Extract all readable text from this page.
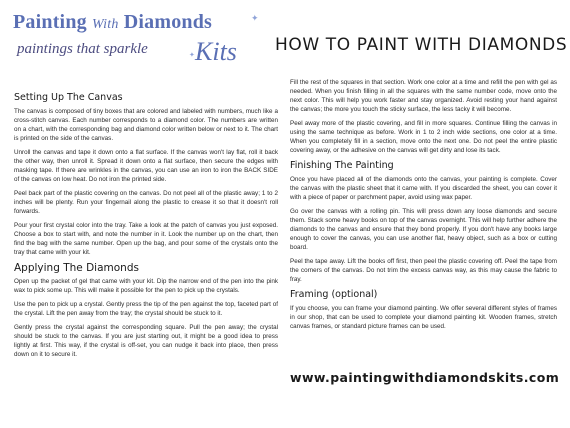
Painting With Diamonds
paintings that sparkle Kits
✦
✦
HOW TO PAINT WITH DIAMONDS
Setting Up The Canvas

The canvas is composed of tiny boxes that are colored and labeled with numbers, much like a cross-stitch canvas. Each number corresponds to a diamond color. The numbers are written on a chart, with the corresponding bag and diamond color written below or next to it. The chart is printed on the side of the canvas.

Unroll the canvas and tape it down onto a flat surface. If the canvas won't lay flat, roll it back the other way, then unroll it. Spread it down onto a flat surface, then secure the edges with masking tape. If there are wrinkles in the canvas, you can use an iron to iron the BACK SIDE of the canvas on low heat. Do not iron the printed side.

Peel back part of the plastic covering on the canvas. Do not peel all of the plastic away; 1 to 2 inches will be plenty. Run your fingernail along the plastic to crease it so that it doesn't roll forwards.

Pour your first crystal color into the tray. Take a look at the patch of canvas you just exposed. Choose a box to start with, and note the number in it. Look the number up on the chart, then find the bag with the same number. Open up the bag, and pour some of the crystals onto the tray that came with your kit.

Applying The Diamonds

Open up the packet of gel that came with your kit. Dip the narrow end of the pen into the pink wax to pick some up. This will make it possible for the pen to pick up the crystals.

Use the pen to pick up a crystal. Gently press the tip of the pen against the top, faceted part of the crystal. Lift the pen away from the tray; the crystal should be stuck to it.

Gently press the crystal against the corresponding square. Pull the pen away; the crystal should be stuck to the canvas. If you are just starting out, it might be a good idea to press lightly at first. This way, if the crystal is off-set, you can nudge it back into place, then press down on it to secure it.

Fill the rest of the squares in that section. Work one color at a time and refill the pen with gel as needed. When you finish filling in all the squares with the same number code, move onto the next color. This will help you work faster and stay organized. Avoid resting your hand against the canvas; the more you touch the sticky surface, the less tacky it will become.

Peel away more of the plastic covering, and fill in more squares. Continue filling the canvas in using the same technique as before. Work in 1 to 2 inch wide sections, one color at a time. When you completely fill in a section, move onto the next one. Do not peel the entire plastic covering away, or the adhesive on the canvas will get dirty and lose its tack.

Finishing The Painting

Once you have placed all of the diamonds onto the canvas, your painting is complete. Cover the canvas with the plastic sheet that it came with. If you discarded the sheet, you can cover it with a piece of paper or parchment paper, avoid using wax paper.

Go over the canvas with a rolling pin. This will press down any loose diamonds and secure them. Stack some heavy books on top of the canvas overnight. This will help further adhere the diamonds to the canvas and ensure that they bond properly. If you don't have any books large enough to cover the canvas, you can use another flat, heavy object, such as a box or cutting board.

Peel the tape away. Lift the books off first, then peel the plastic covering off. Peel the tape from the corners of the canvas. Do not trim the excess canvas way, as this may cause the fabric to fray.

Framing (optional)

If you choose, you can frame your diamond painting. We offer several different styles of frames in our shop, that can be used to complete your diamond painting kit. Wooden frames, stretch canvas frames, or standard picture frames can be used.

www.paintingwithdiamondskits.com
